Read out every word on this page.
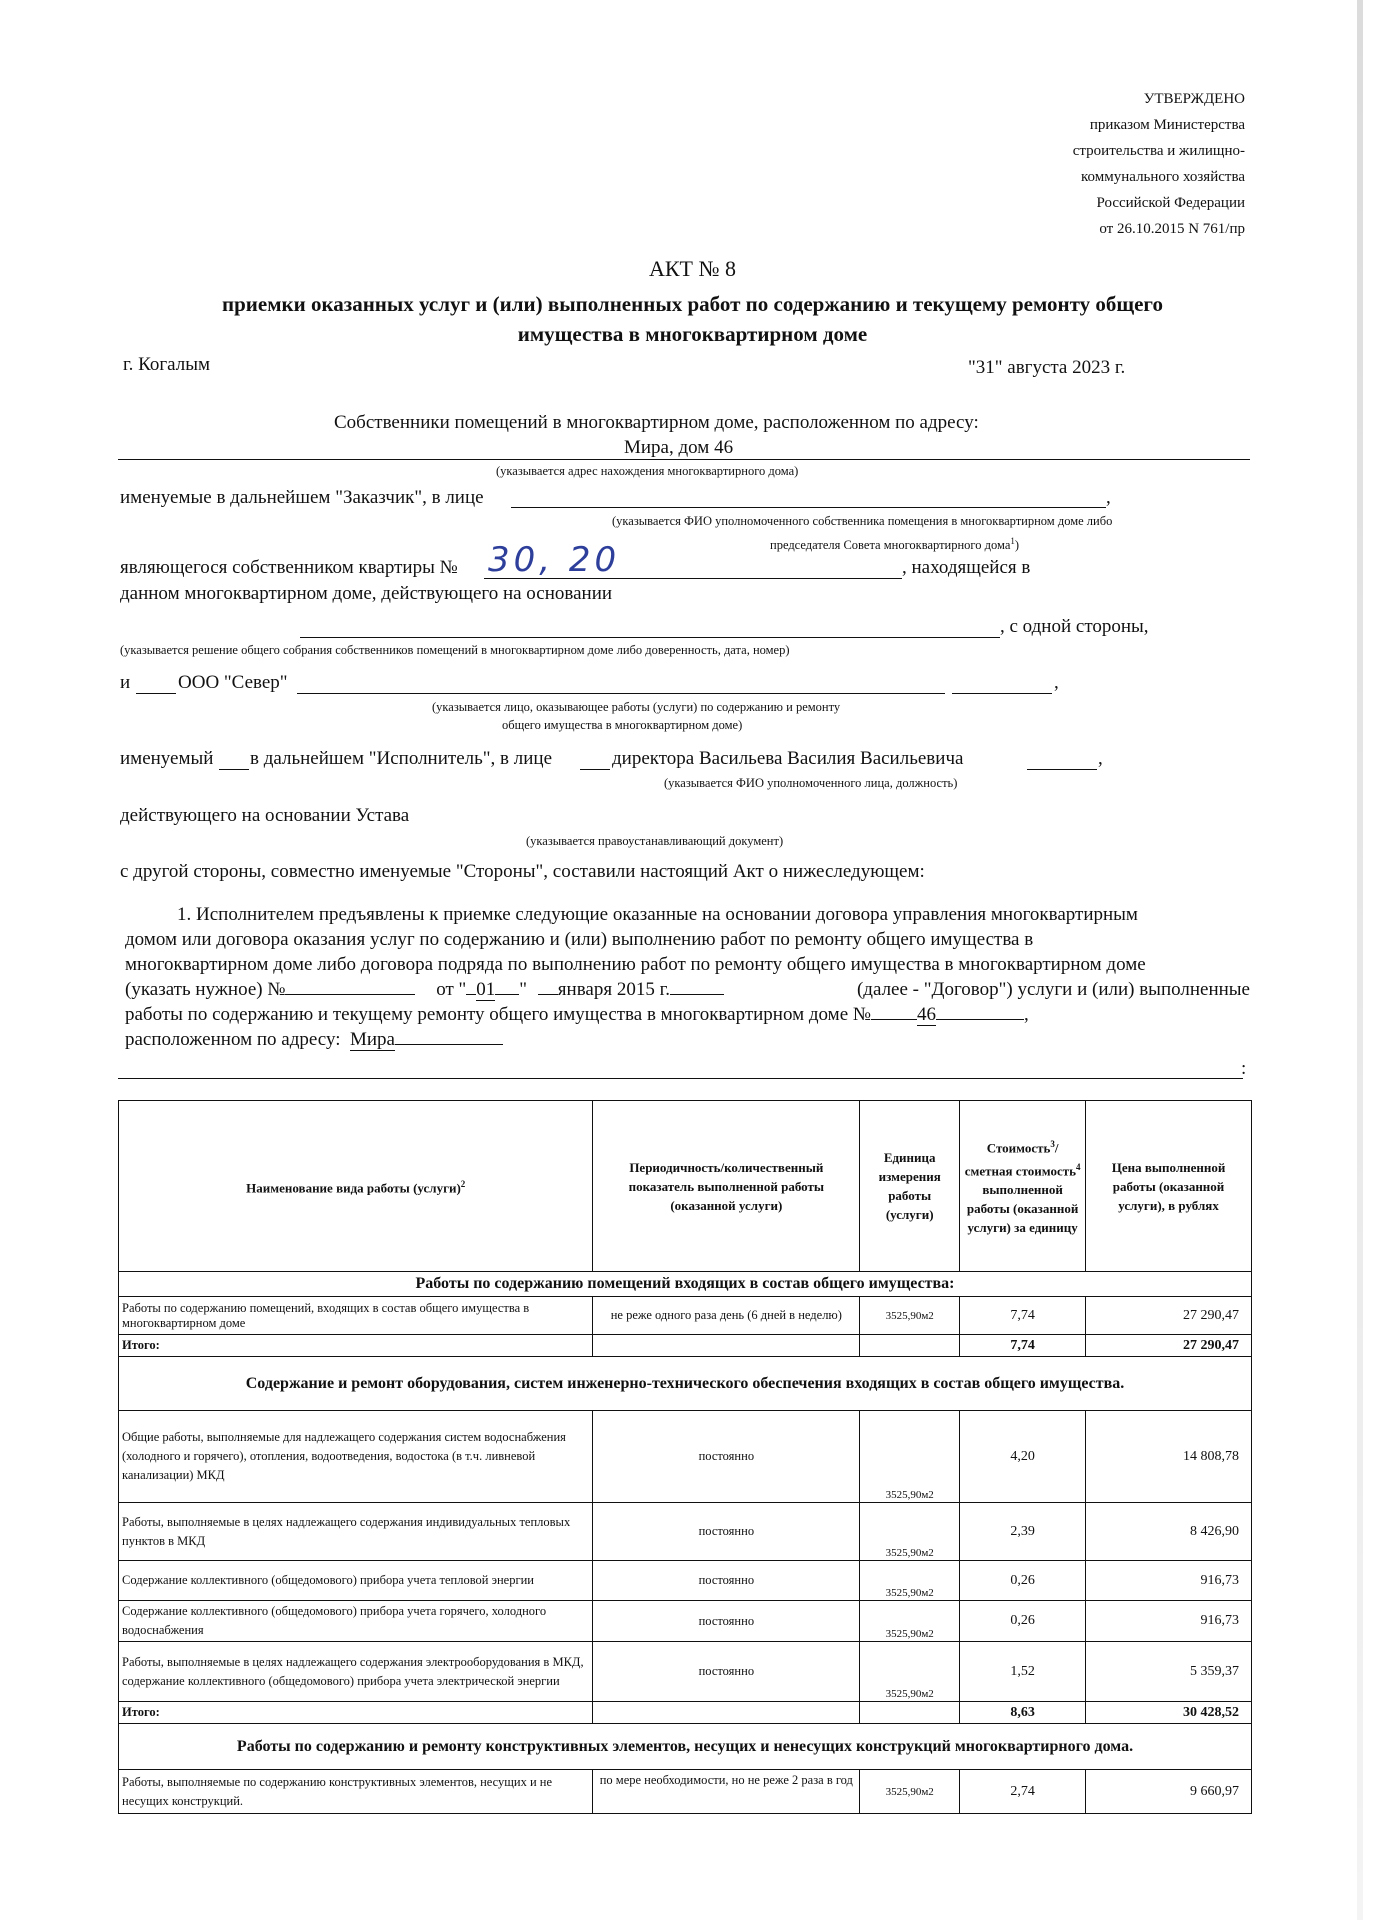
УТВЕРЖДЕНО
приказом Министерства
строительства и жилищно-
коммунального хозяйства
Российской Федерации
от 26.10.2015 N 761/пр
АКТ № 8
приемки оказанных услуг и (или) выполненных работ по содержанию и текущему ремонту общего
имущества в многоквартирном доме
г. Когалым	"31" августа 2023 г.
Собственники помещений в многоквартирном доме, расположенном по адресу:
Мира, дом 46
(указывается адрес нахождения многоквартирного дома)
именуемые в дальнейшем "Заказчик", в лице	,
(указывается ФИО уполномоченного собственника помещения в многоквартирном доме либо
председателя Совета многоквартирного дома$^1$)
являющегося собственником квартиры № 30, 20	, находящейся в
данном многоквартирном доме, действующего на основании
, с одной стороны,
(указывается решение общего собрания собственников помещений в многоквартирном доме либо доверенность, дата, номер)
и	ООО "Север"	,
(указывается лицо, оказывающее работы (услуги) по содержанию и ремонту
общего имущества в многоквартирном доме)
именуемый в дальнейшем "Исполнитель", в лице	директора Васильева Василия Васильевича	,
(указывается ФИО уполномоченного лица, должность)
действующего на основании Устава
(указывается правоустанавливающий документ)
с другой стороны, совместно именуемые "Стороны", составили настоящий Акт о нижеследующем:
1. Исполнителем предъявлены к приемке следующие оказанные на основании договора управления многоквартирным
домом или договора оказания услуг по содержанию и (или) выполнению работ по ремонту общего имущества в
многоквартирном доме либо договора подряда по выполнению работ по ремонту общего имущества в многоквартирном доме
(указать нужное) №	от " 01 " января 2015 г.	(далее - "Договор") услуги и (или) выполненные
работы по содержанию и текущему ремонту общего имущества в многоквартирном доме № 46	,
расположенном по адресу: Мира
:
Наименование вида работы (услуги)$^2$	Периодичность/количественный показатель выполненной работы (оказанной услуги)	Единица измерения работы (услуги)	Стоимость$^3$/сметная стоимость$^4$ выполненной работы (оказанной услуги) за единицу	Цена выполненной работы (оказанной услуги), в рублях
Работы по содержанию помещений входящих в состав общего имущества:				
Работы по содержанию помещений, входящих в состав общего имущества в многоквартирном доме	не реже одного раза день (6 дней в неделю)	3525,90м2	7,74	27 290,47
Итого:			7,74	27 290,47
Содержание и ремонт оборудования, систем инженерно-технического обеспечения входящих в состав общего имущества.				
Общие работы, выполняемые для надлежащего содержания систем водоснабжения (холодного и горячего), отопления, водоотведения, водостока (в т.ч. ливневой канализации) МКД	постоянно	3525,90м2	4,20	14 808,78
Работы, выполняемые в целях надлежащего содержания индивидуальных тепловых пунктов в МКД	постоянно	3525,90м2	2,39	8 426,90
Содержание коллективного (общедомового) прибора учета тепловой энергии	постоянно	3525,90м2	0,26	916,73
Содержание коллективного (общедомового) прибора учета горячего, холодного водоснабжения	постоянно	3525,90м2	0,26	916,73
Работы, выполняемые в целях надлежащего содержания электрооборудования в МКД, содержание коллективного (общедомового) прибора учета электрической энергии	постоянно	3525,90м2	1,52	5 359,37
Итого:			8,63	30 428,52
Работы по содержанию и ремонту конструктивных элементов, несущих и ненесущих конструкций многоквартирного дома.				
Работы, выполняемые по содержанию конструктивных элементов, несущих и не несущих конструкций.	по мере необходимости, но не реже 2 раза в год	3525,90м2	2,74	9 660,97
